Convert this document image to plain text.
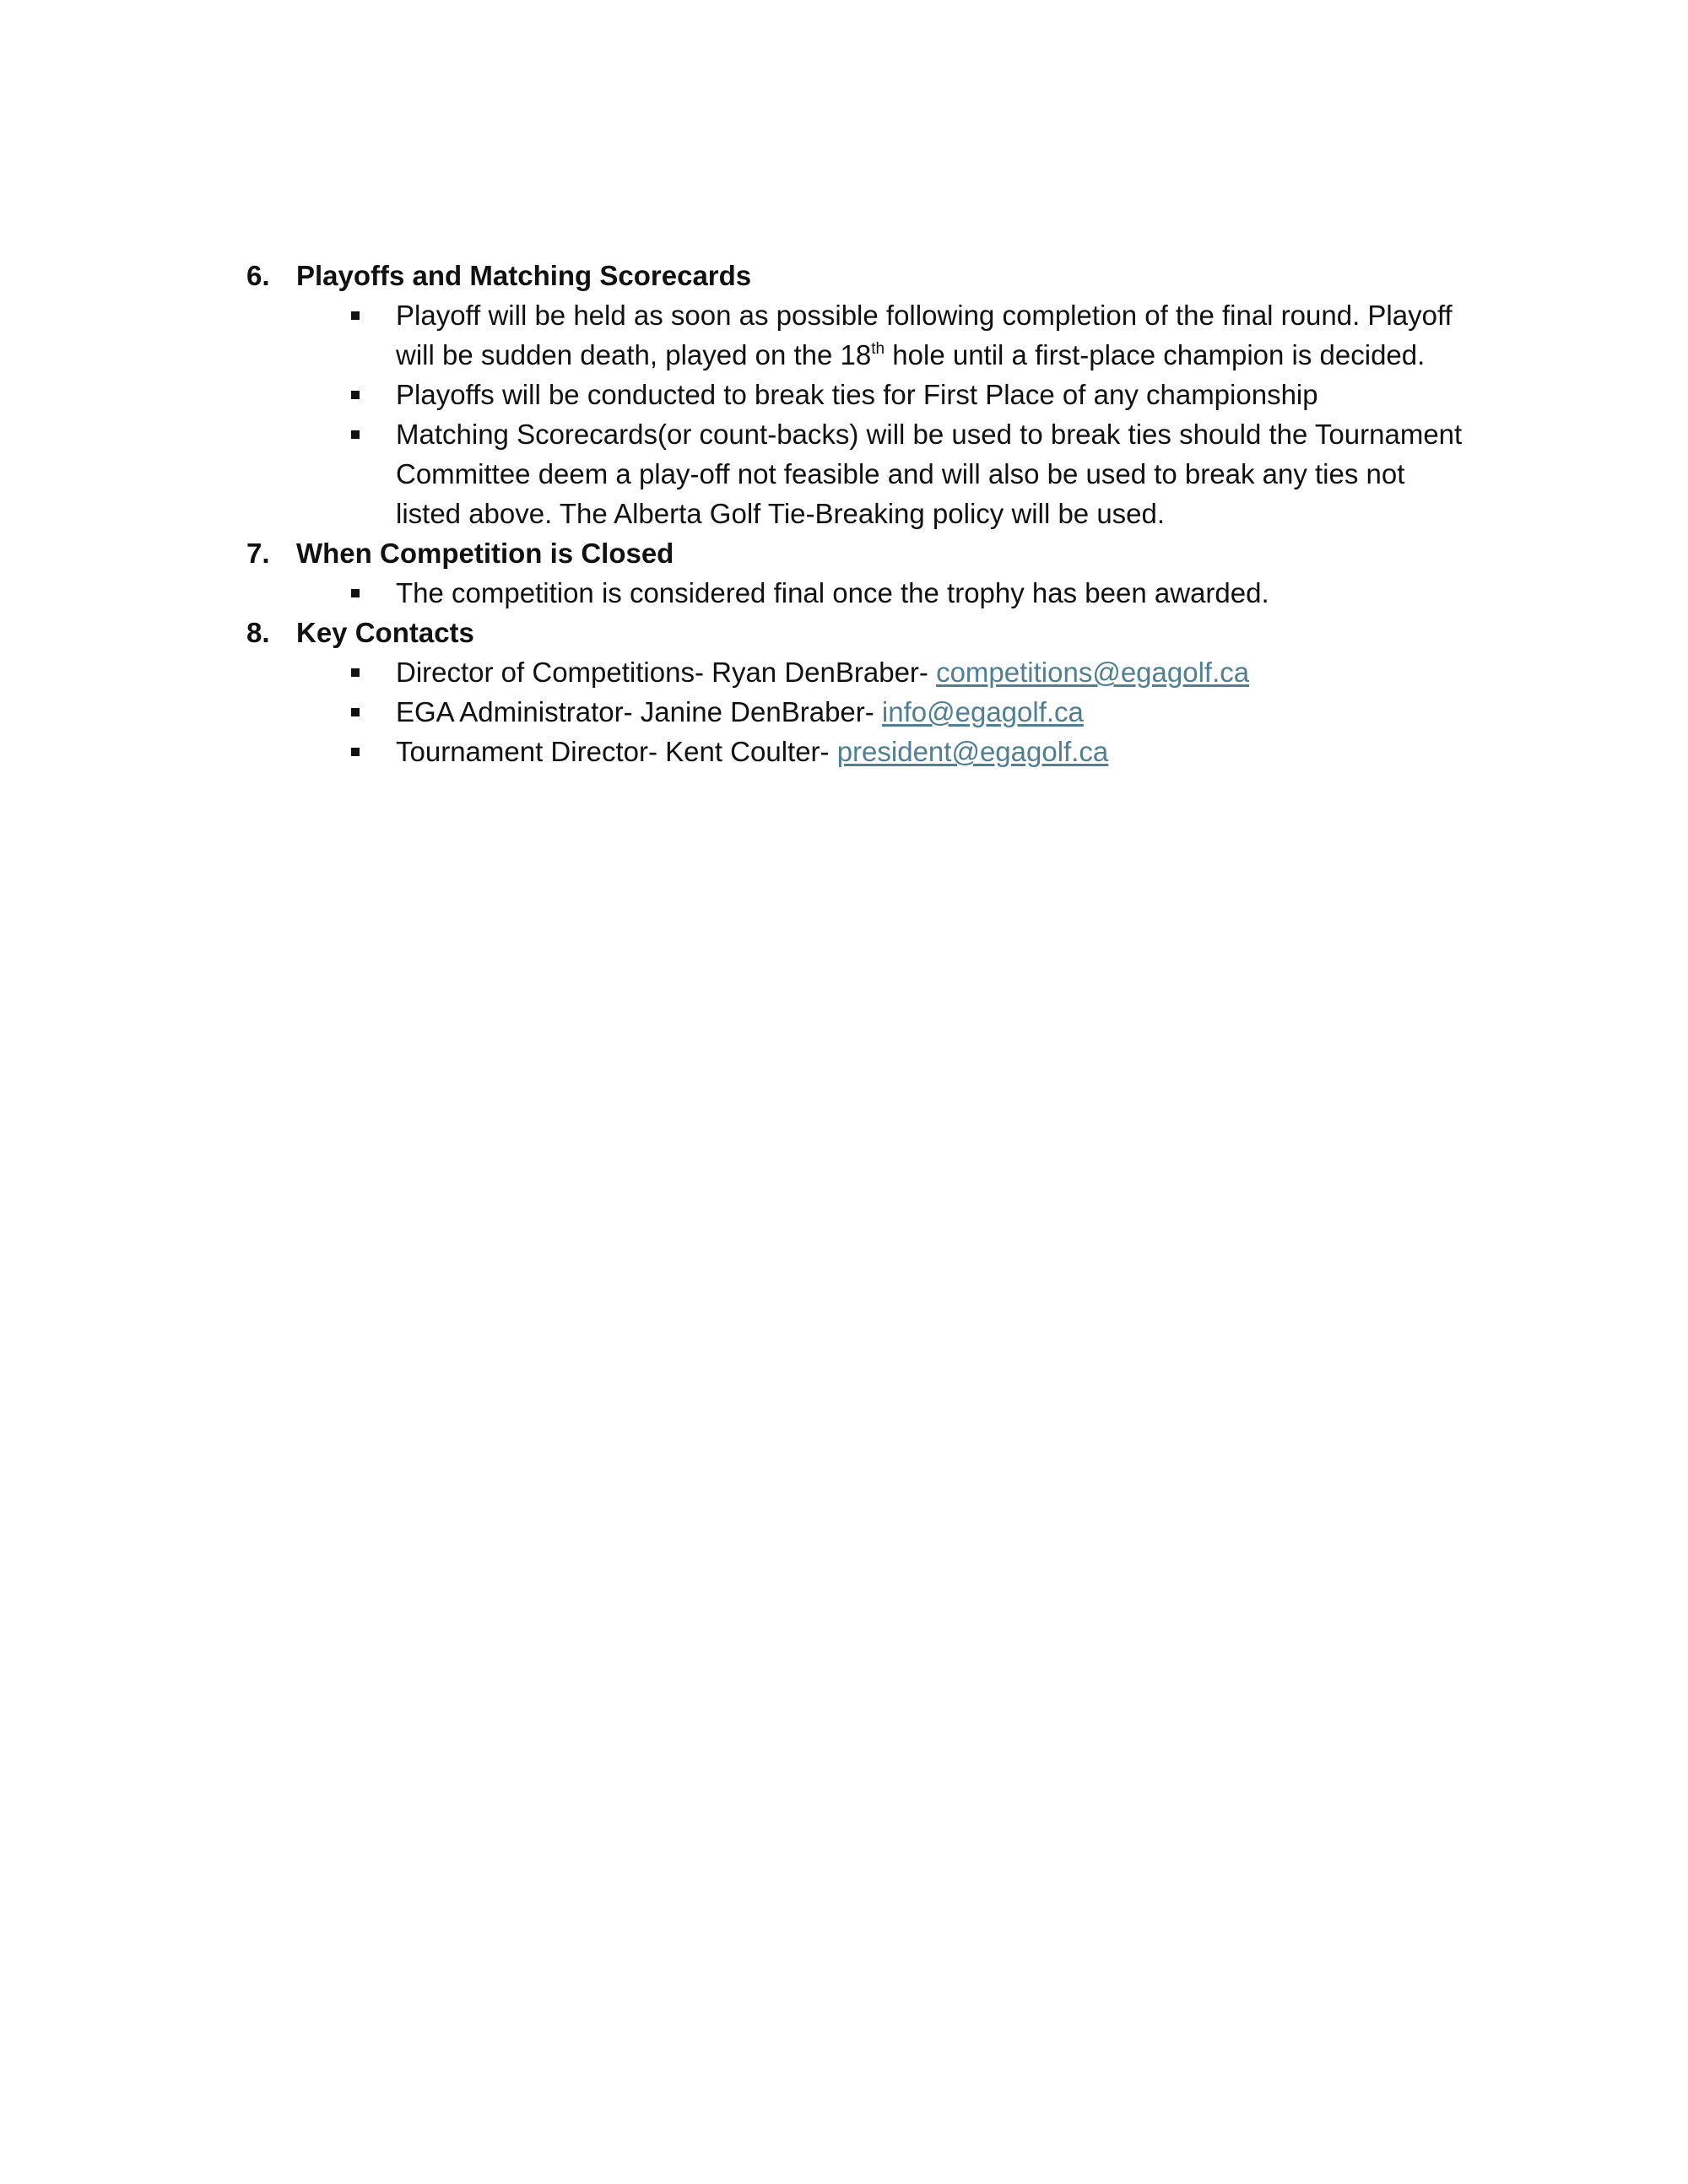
6. Playoffs and Matching Scorecards
Playoff will be held as soon as possible following completion of the final round. Playoff will be sudden death, played on the 18th hole until a first-place champion is decided.
Playoffs will be conducted to break ties for First Place of any championship
Matching Scorecards(or count-backs) will be used to break ties should the Tournament Committee deem a play-off not feasible and will also be used to break any ties not listed above. The Alberta Golf Tie-Breaking policy will be used.
7. When Competition is Closed
The competition is considered final once the trophy has been awarded.
8. Key Contacts
Director of Competitions- Ryan DenBraber- competitions@egagolf.ca
EGA Administrator- Janine DenBraber- info@egagolf.ca
Tournament Director- Kent Coulter- president@egagolf.ca
